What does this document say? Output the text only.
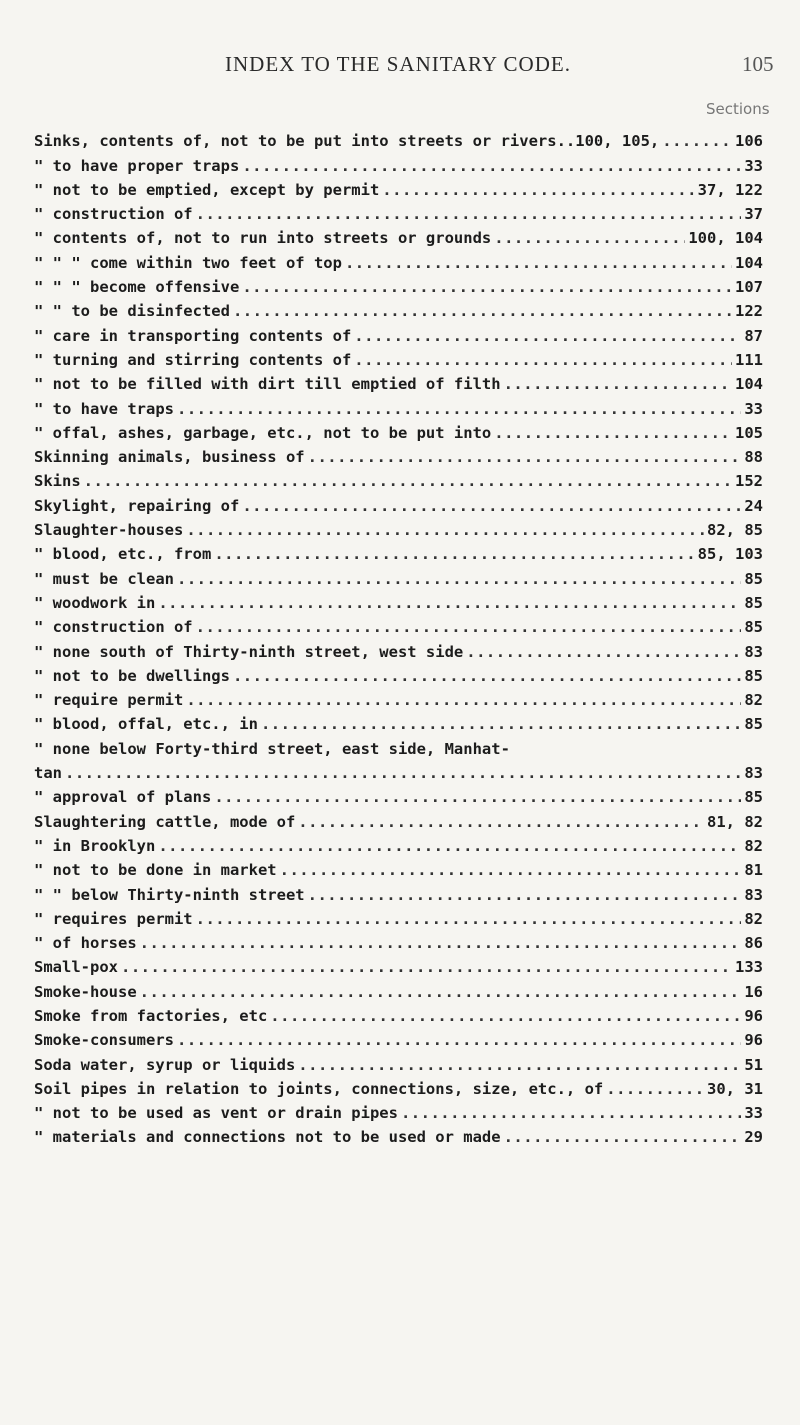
INDEX TO THE SANITARY CODE.	105
Sections
Sinks, contents of, not to be put into streets or rivers..100, 105, .....	106
" to have proper traps .....	33
" not to be emptied, except by permit .....	37, 122
" construction of .....	37
" contents of, not to run into streets or grounds .....	100, 104
" " " come within two feet of top .....	104
" " " become offensive .....	107
" " to be disinfected .....	122
" care in transporting contents of .....	87
" turning and stirring contents of .....	111
" not to be filled with dirt till emptied of filth .....	104
" to have traps .....	33
" offal, ashes, garbage, etc., not to be put into .....	105
Skinning animals, business of .....	88
Skins .....	152
Skylight, repairing of .....	24
Slaughter-houses .....	82, 85
" blood, etc., from .....	85, 103
" must be clean .....	85
" woodwork in .....	85
" construction of .....	85
" none south of Thirty-ninth street, west side .....	83
" not to be dwellings .....	85
" require permit .....	82
" blood, offal, etc., in .....	85
" none below Forty-third street, east side, Manhat-
tan .....	83
" approval of plans .....	85
Slaughtering cattle, mode of .....	81, 82
" in Brooklyn .....	82
" not to be done in market .....	81
" " below Thirty-ninth street .....	83
" requires permit .....	82
" of horses .....	86
Small-pox .....	133
Smoke-house .....	16
Smoke from factories, etc .....	96
Smoke-consumers .....	96
Soda water, syrup or liquids .....	51
Soil pipes in relation to joints, connections, size, etc., of .....	30, 31
" not to be used as vent or drain pipes .....	33
" materials and connections not to be used or made .....	29
